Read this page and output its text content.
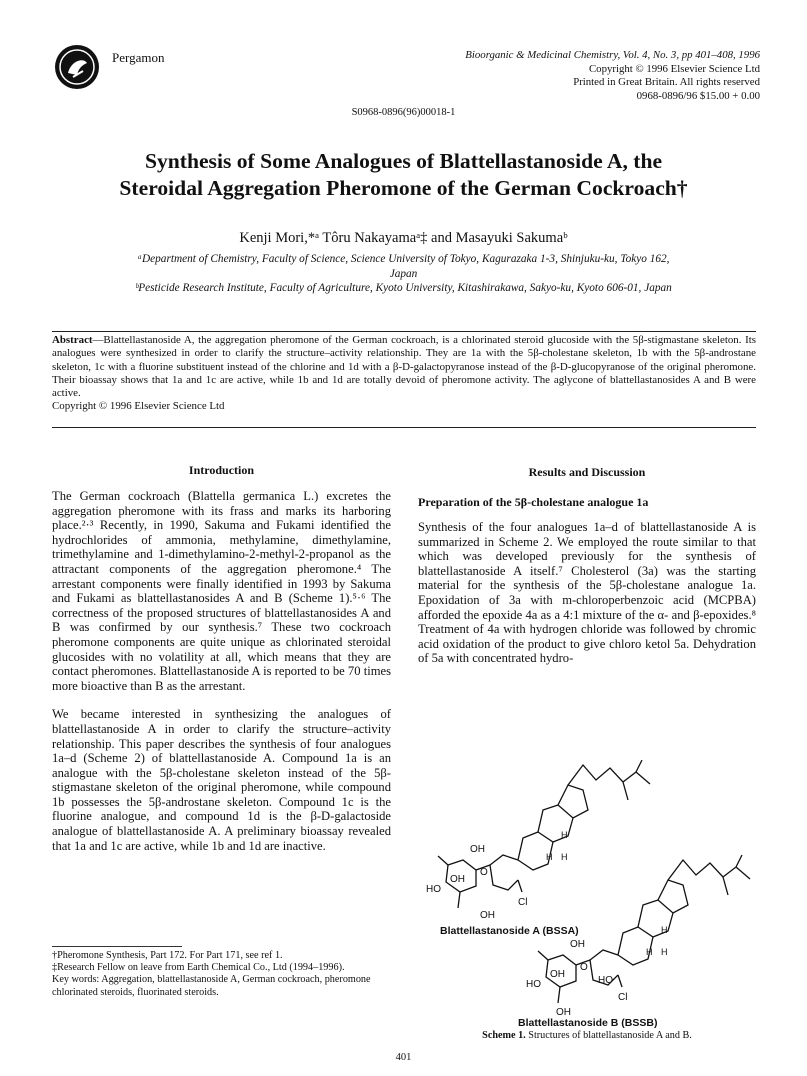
Pergamon	Bioorganic & Medicinal Chemistry, Vol. 4, No. 3, pp 401–408, 1996
Copyright © 1996 Elsevier Science Ltd
Printed in Great Britain. All rights reserved
0968-0896/96 $15.00 + 0.00
S0968-0896(96)00018-1
Synthesis of Some Analogues of Blattellastanoside A, the
Steroidal Aggregation Pheromone of the German Cockroach†
Kenji Mori,*ᵃ Tôru Nakayamaᵃ‡ and Masayuki Sakumaᵇ

ᵃDepartment of Chemistry, Faculty of Science, Science University of Tokyo, Kagurazaka 1-3, Shinjuku-ku, Tokyo 162,

Japan

ᵇPesticide Research Institute, Faculty of Agriculture, Kyoto University, Kitashirakawa, Sakyo-ku, Kyoto 606-01, Japan

Abstract—Blattellastanoside A, the aggregation pheromone of the German cockroach, is a chlorinated steroid glucoside with the 5β-stigmastane skeleton. Its analogues were synthesized in order to clarify the structure–activity relationship. They are 1a with the 5β-cholestane skeleton, 1b with the 5β-androstane skeleton, 1c with a fluorine substituent instead of the chlorine and 1d with a β-D-galactopyranose instead of the β-D-glucopyranose of the original pheromone. Their bioassay shows that 1a and 1c are active, while 1b and 1d are totally devoid of pheromone activity. The aglycone of blattellastanosides A and B were active.
Copyright © 1996 Elsevier Science Ltd
Introduction	Results and Discussion

The German cockroach (Blattella germanica L.) excretes the aggregation pheromone with its frass and marks its harboring place.²·³ Recently, in 1990, Sakuma and Fukami identified the hydrochlorides of ammonia, methylamine, dimethylamine, trimethylamine and 1-dimethylamino-2-methyl-2-propanol as the attractant components of the aggregation pheromone.⁴ The arrestant components were finally identified in 1993 by Sakuma and Fukami as blattellastanosides A and B (Scheme 1).⁵·⁶ The correctness of the proposed structures of blattellastanosides A and B was confirmed by our synthesis.⁷ These two cockroach pheromone components are quite unique as chlorinated steroidal glucosides with no volatility at all, which means that they are contact pheromones. Blattellastanoside A is reported to be 70 times more bioactive than B as the arrestant.

We became interested in synthesizing the analogues of blattellastanoside A in order to clarify the structure–activity relationship. This paper describes the synthesis of four analogues 1a–d (Scheme 2) of blattellastanoside A. Compound 1a is an analogue with the 5β-cholestane skeleton instead of the 5β-stigmastane skeleton of the original pheromone, while compound 1b possesses the 5β-androstane skeleton. Compound 1c is the fluorine analogue, and compound 1d is the β-D-galactoside analogue of blattellastanoside A. A preliminary bioassay revealed that 1a and 1c are active, while 1b and 1d are inactive.

†Pheromone Synthesis, Part 172. For Part 171, see ref 1.

‡Research Fellow on leave from Earth Chemical Co., Ltd (1994–1996).

Key words: Aggregation, blattellastanoside A, German cockroach, pheromone chlorinated steroids, fluorinated steroids.

Preparation of the 5β-cholestane analogue 1a

Synthesis of the four analogues 1a–d of blattellastanoside A is summarized in Scheme 2. We employed the route similar to that which was developed previously for the synthesis of blattellastanoside A itself.⁷ Cholesterol (3a) was the starting material for the synthesis of the 5β-cholestane analogue 1a. Epoxidation of 3a with m-chloroperbenzoic acid (MCPBA) afforded the epoxide 4a as a 4:1 mixture of the α- and β-epoxides.⁸ Treatment of 4a with hydrogen chloride was followed by chromic acid oxidation of the product to give chloro ketol 5a. Dehydration of 5a with concentrated hydro-

H
H H
OH
OH
O
HO
Cl
OH
Blattellastanoside A (BSSA)	H
H H
OH
OH
O
HO	HO
Cl
OH
Blattellastanoside B (BSSB)
Scheme 1. Structures of blattellastanoside A and B.
401
